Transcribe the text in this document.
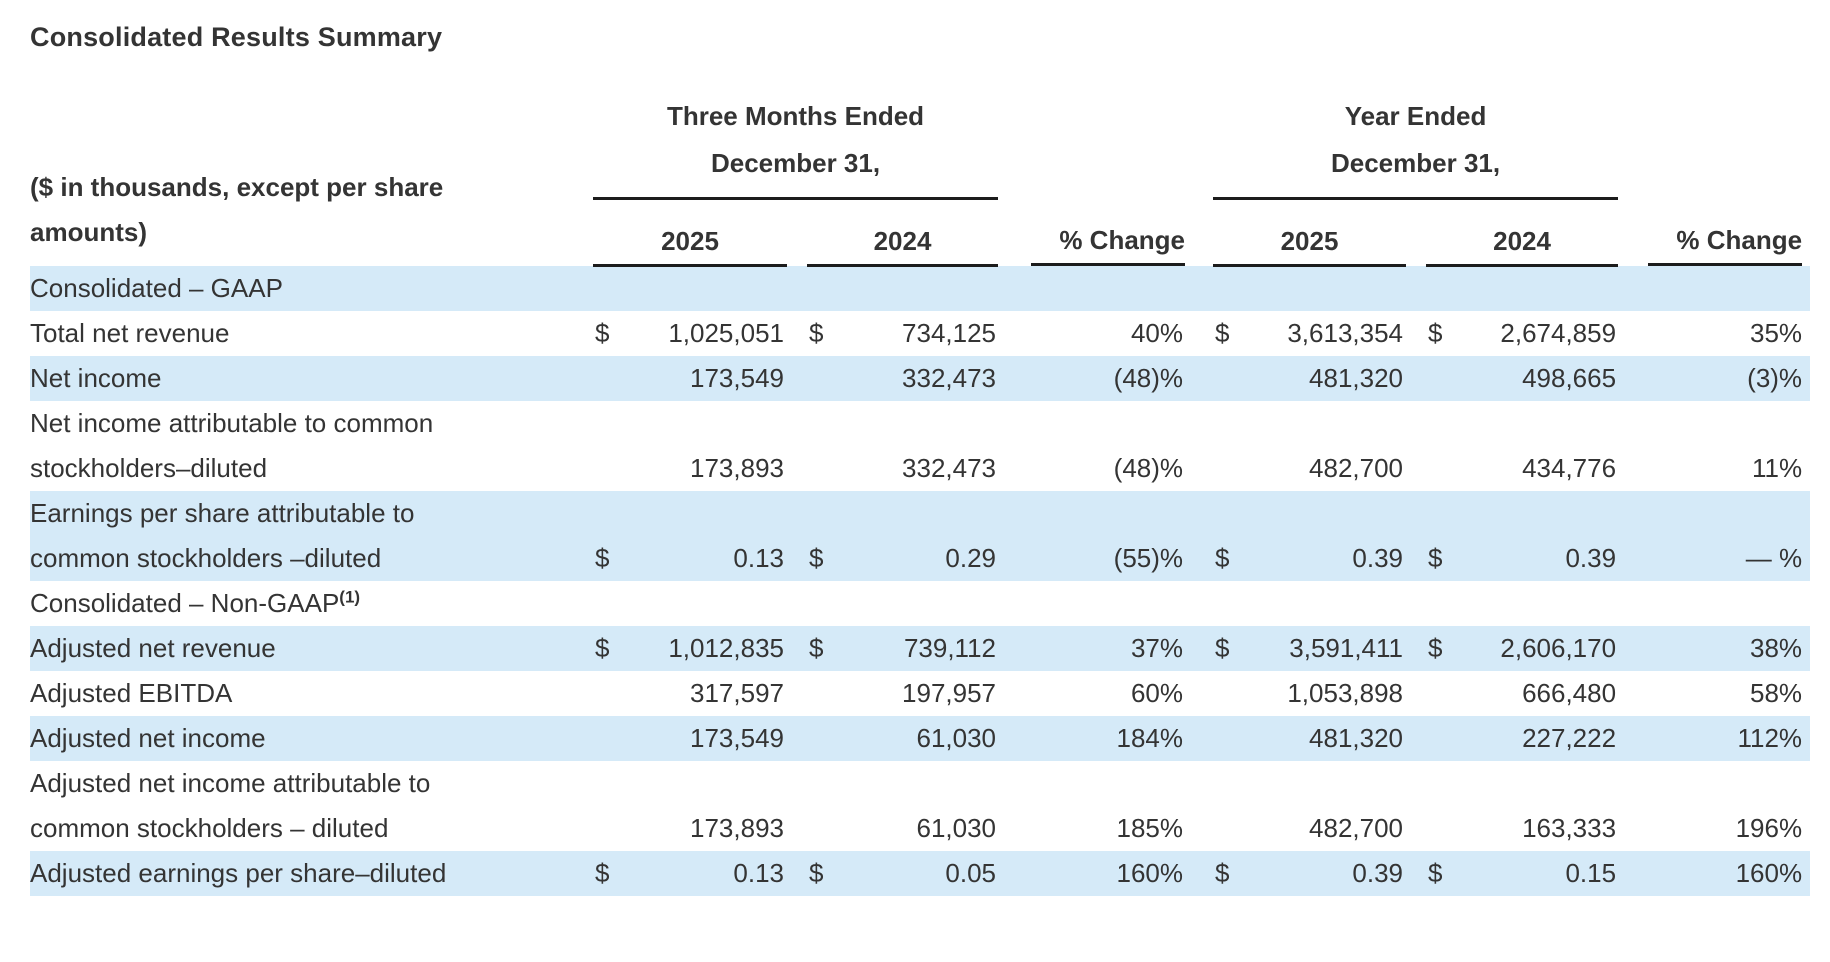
Consolidated Results Summary
($ in thousands, except per share
amounts)

Three Months Ended
December 31,

Year Ended
December 31,

	2025			2024		% Change		2025			2024		% Change

Consolidated – GAAP													

Total net revenue	$	1,025,051		$	734,125	40%		$	3,613,354		$	2,674,859	35%

Net income		173,549			332,473	(48)%			481,320			498,665	(3)%

Net income attributable to common
stockholders–diluted		173,893			332,473	(48)%			482,700			434,776	11%

Earnings per share attributable to
common stockholders –diluted	$	0.13		$	0.29	(55)%		$	0.39		$	0.39	— %

Consolidated – Non-GAAP$^{(1)}$

Adjusted net revenue	$	1,012,835		$	739,112	37%		$	3,591,411		$	2,606,170	38%

Adjusted EBITDA		317,597			197,957	60%			1,053,898			666,480	58%

Adjusted net income		173,549			61,030	184%			481,320			227,222	112%

Adjusted net income attributable to
common stockholders – diluted		173,893			61,030	185%			482,700			163,333	196%

Adjusted earnings per share–diluted	$	0.13		$	0.05	160%		$	0.39		$	0.15	160%
